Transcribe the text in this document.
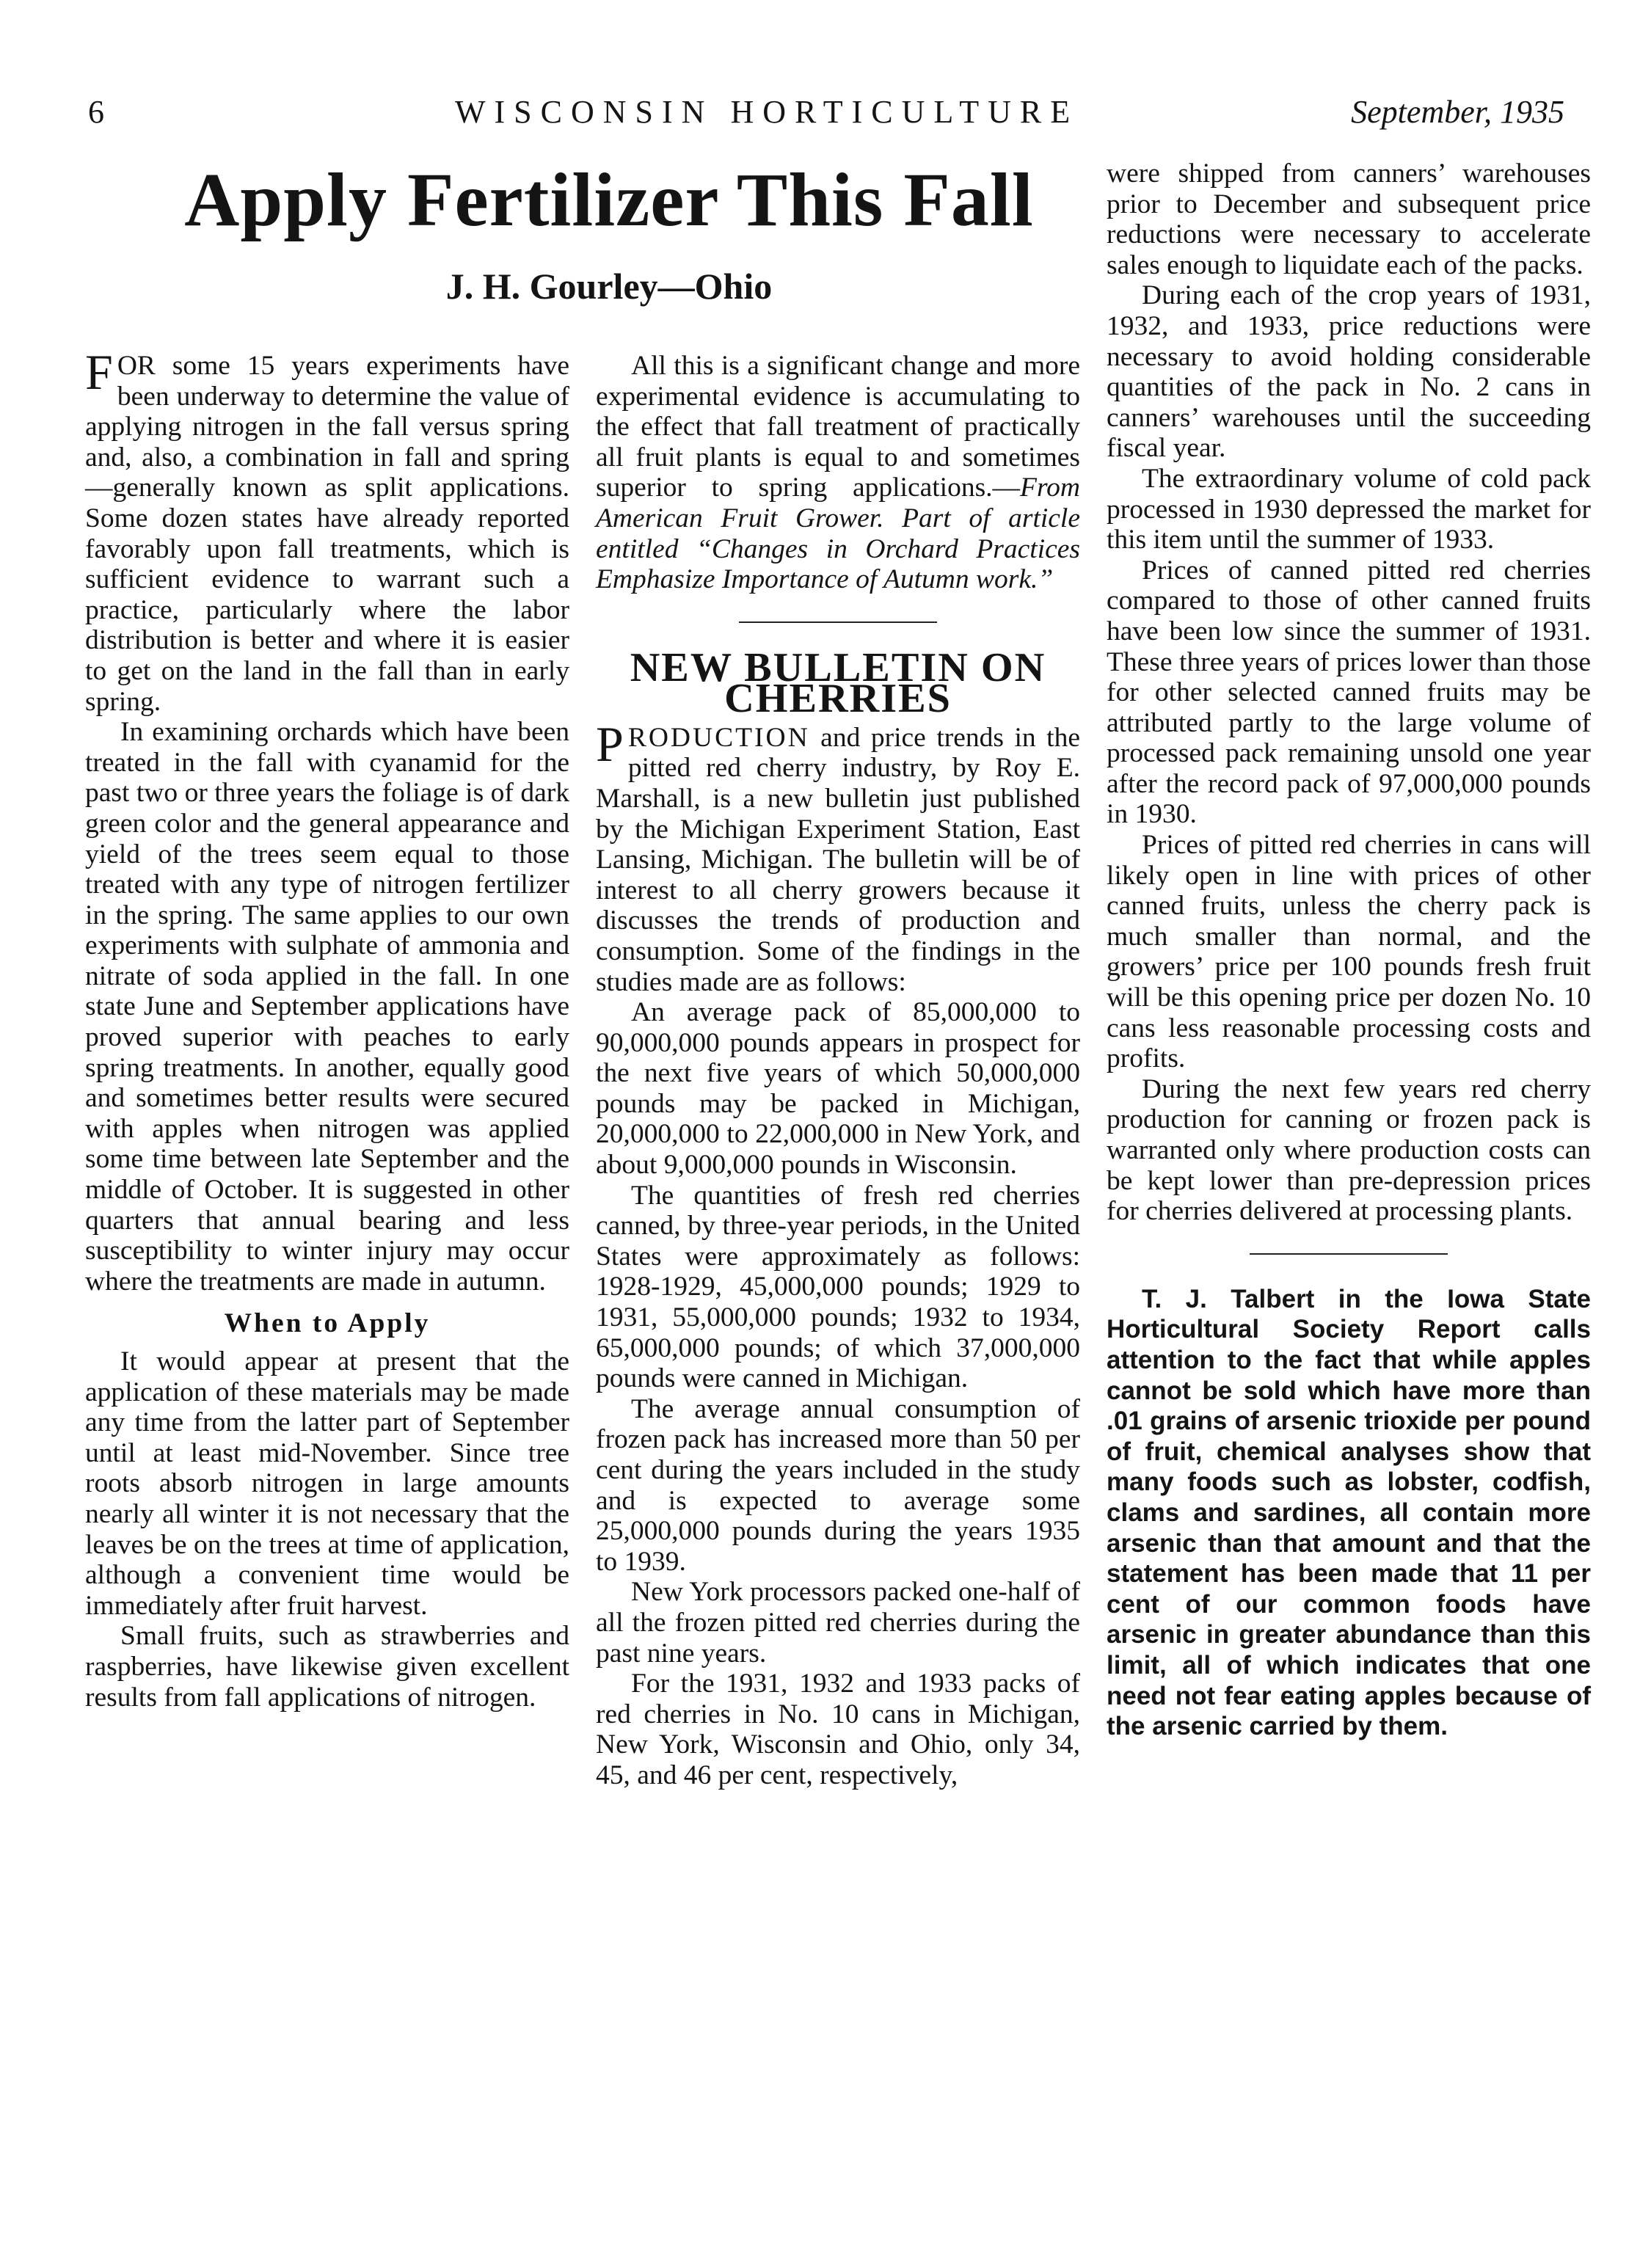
6	WISCONSIN HORTICULTURE	September, 1935
Apply Fertilizer This Fall
J. H. Gourley—Ohio

FOR some 15 years experiments have been underway to determine the value of applying nitrogen in the fall versus spring and, also, a combination in fall and spring—generally known as split applications. Some dozen states have already reported favorably upon fall treatments, which is sufficient evidence to warrant such a practice, particularly where the labor distribution is better and where it is easier to get on the land in the fall than in early spring.

In examining orchards which have been treated in the fall with cyanamid for the past two or three years the foliage is of dark green color and the general appearance and yield of the trees seem equal to those treated with any type of nitrogen fertilizer in the spring. The same applies to our own experiments with sulphate of ammonia and nitrate of soda applied in the fall. In one state June and September applications have proved superior with peaches to early spring treatments. In another, equally good and sometimes better results were secured with apples when nitrogen was applied some time between late September and the middle of October. It is suggested in other quarters that annual bearing and less susceptibility to winter injury may occur where the treatments are made in autumn.

When to Apply

It would appear at present that the application of these materials may be made any time from the latter part of September until at least mid-November. Since tree roots absorb nitrogen in large amounts nearly all winter it is not necessary that the leaves be on the trees at time of application, although a convenient time would be immediately after fruit harvest.

Small fruits, such as strawberries and raspberries, have likewise given excellent results from fall applications of nitrogen.

All this is a significant change and more experimental evidence is accumulating to the effect that fall treatment of practically all fruit plants is equal to and sometimes superior to spring applications.—From American Fruit Grower. Part of article entitled “Changes in Orchard Practices Emphasize Importance of Autumn work.”

NEW BULLETIN ON CHERRIES

PRODUCTION and price trends in the pitted red cherry industry, by Roy E. Marshall, is a new bulletin just published by the Michigan Experiment Station, East Lansing, Michigan. The bulletin will be of interest to all cherry growers because it discusses the trends of production and consumption. Some of the findings in the studies made are as follows:

An average pack of 85,000,000 to 90,000,000 pounds appears in prospect for the next five years of which 50,000,000 pounds may be packed in Michigan, 20,000,000 to 22,000,000 in New York, and about 9,000,000 pounds in Wisconsin.

The quantities of fresh red cherries canned, by three-year periods, in the United States were approximately as follows: 1928-1929, 45,000,000 pounds; 1929 to 1931, 55,000,000 pounds; 1932 to 1934, 65,000,000 pounds; of which 37,000,000 pounds were canned in Michigan.

The average annual consumption of frozen pack has increased more than 50 per cent during the years included in the study and is expected to average some 25,000,000 pounds during the years 1935 to 1939.

New York processors packed one-half of all the frozen pitted red cherries during the past nine years.

For the 1931, 1932 and 1933 packs of red cherries in No. 10 cans in Michigan, New York, Wisconsin and Ohio, only 34, 45, and 46 per cent, respectively,

were shipped from canners’ warehouses prior to December and subsequent price reductions were necessary to accelerate sales enough to liquidate each of the packs.

During each of the crop years of 1931, 1932, and 1933, price reductions were necessary to avoid holding considerable quantities of the pack in No. 2 cans in canners’ warehouses until the succeeding fiscal year.

The extraordinary volume of cold pack processed in 1930 depressed the market for this item until the summer of 1933.

Prices of canned pitted red cherries compared to those of other canned fruits have been low since the summer of 1931. These three years of prices lower than those for other selected canned fruits may be attributed partly to the large volume of processed pack remaining unsold one year after the record pack of 97,000,000 pounds in 1930.

Prices of pitted red cherries in cans will likely open in line with prices of other canned fruits, unless the cherry pack is much smaller than normal, and the growers’ price per 100 pounds fresh fruit will be this opening price per dozen No. 10 cans less reasonable processing costs and profits.

During the next few years red cherry production for canning or frozen pack is warranted only where production costs can be kept lower than pre-depression prices for cherries delivered at processing plants.

T. J. Talbert in the Iowa State Horticultural Society Report calls attention to the fact that while apples cannot be sold which have more than .01 grains of arsenic trioxide per pound of fruit, chemical analyses show that many foods such as lobster, codfish, clams and sardines, all contain more arsenic than that amount and that the statement has been made that 11 per cent of our common foods have arsenic in greater abundance than this limit, all of which indicates that one need not fear eating apples because of the arsenic carried by them.
